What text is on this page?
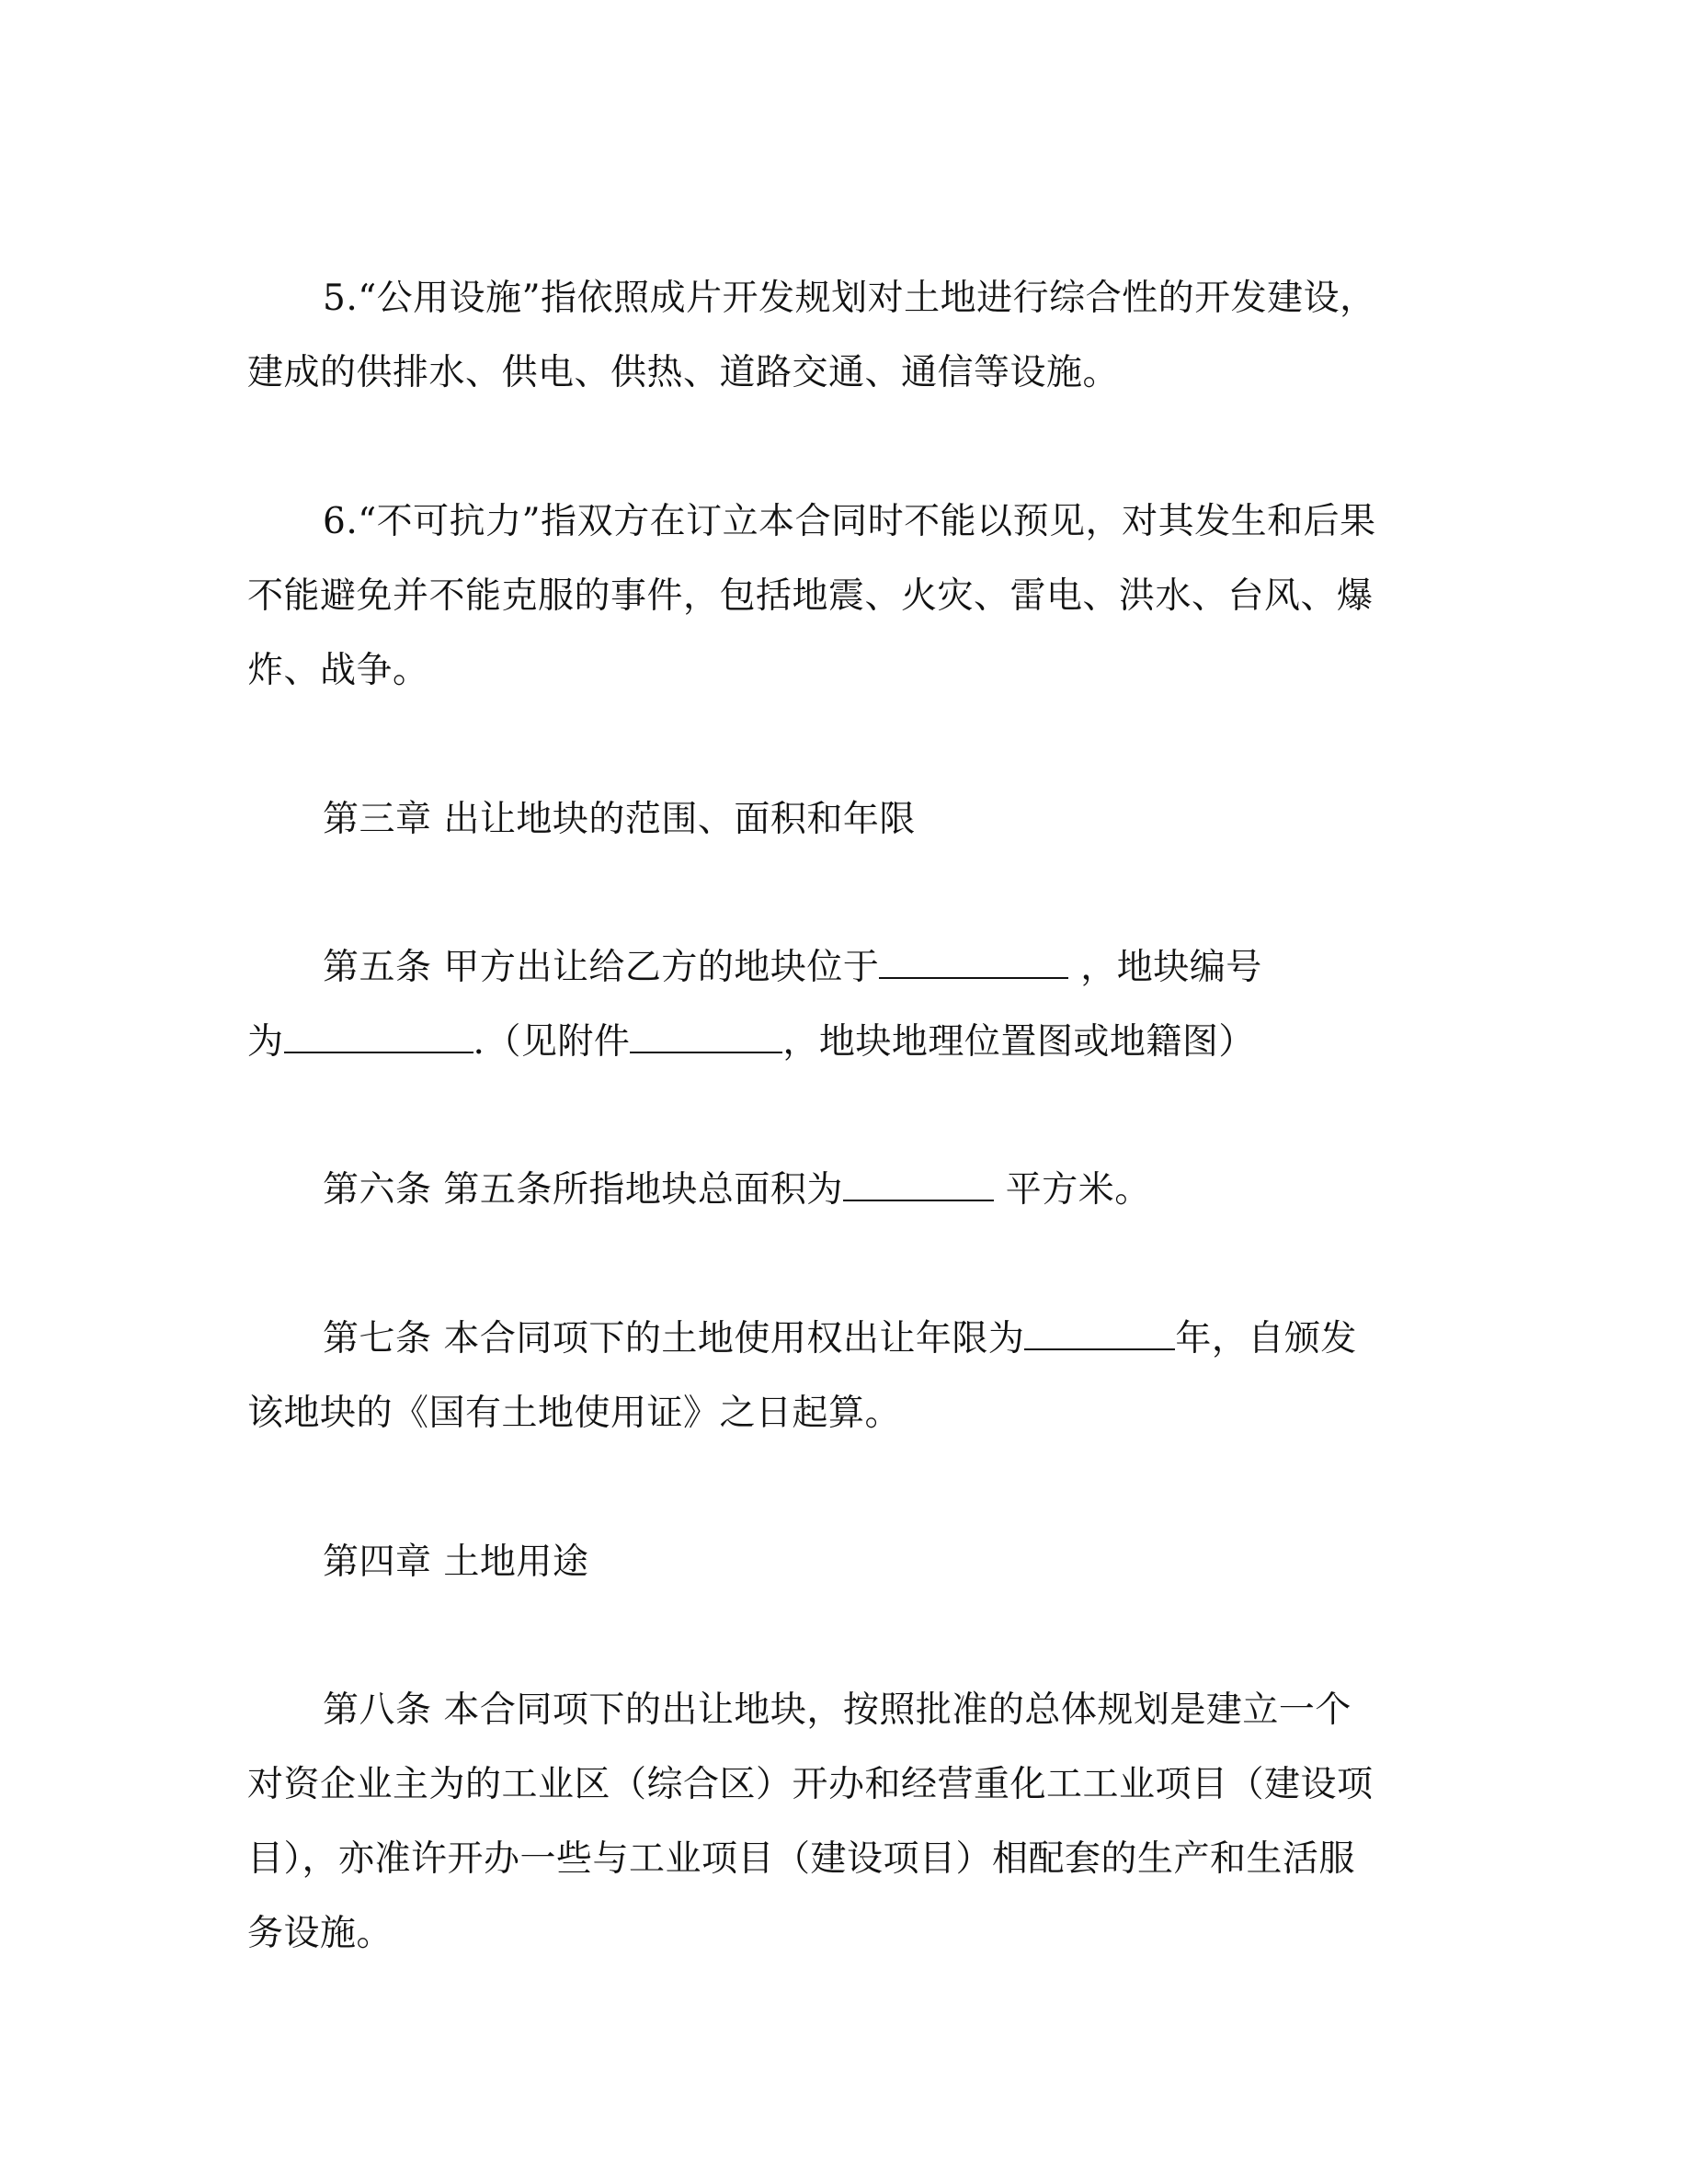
5.“公用设施”指依照成片开发规划对土地进行综合性的开发建设，
建成的供排水、供电、供热、道路交通、通信等设施。

6.“不可抗力”指双方在订立本合同时不能以预见，对其发生和后果
不能避免并不能克服的事件，包括地震、火灾、雷电、洪水、台风、爆
炸、战争。

第三章 出让地块的范围、面积和年限

第五条 甲方出让给乙方的地块位于	，地块编号
为	.（见附件	，地块地理位置图或地籍图）

第六条 第五条所指地块总面积为	平方米。

第七条 本合同项下的土地使用权出让年限为	年，自颁发
该地块的《国有土地使用证》之日起算。

第四章 土地用途

第八条 本合同项下的出让地块，按照批准的总体规划是建立一个
对资企业主为的工业区（综合区）开办和经营重化工工业项目（建设项
目），亦准许开办一些与工业项目（建设项目）相配套的生产和生活服
务设施。
